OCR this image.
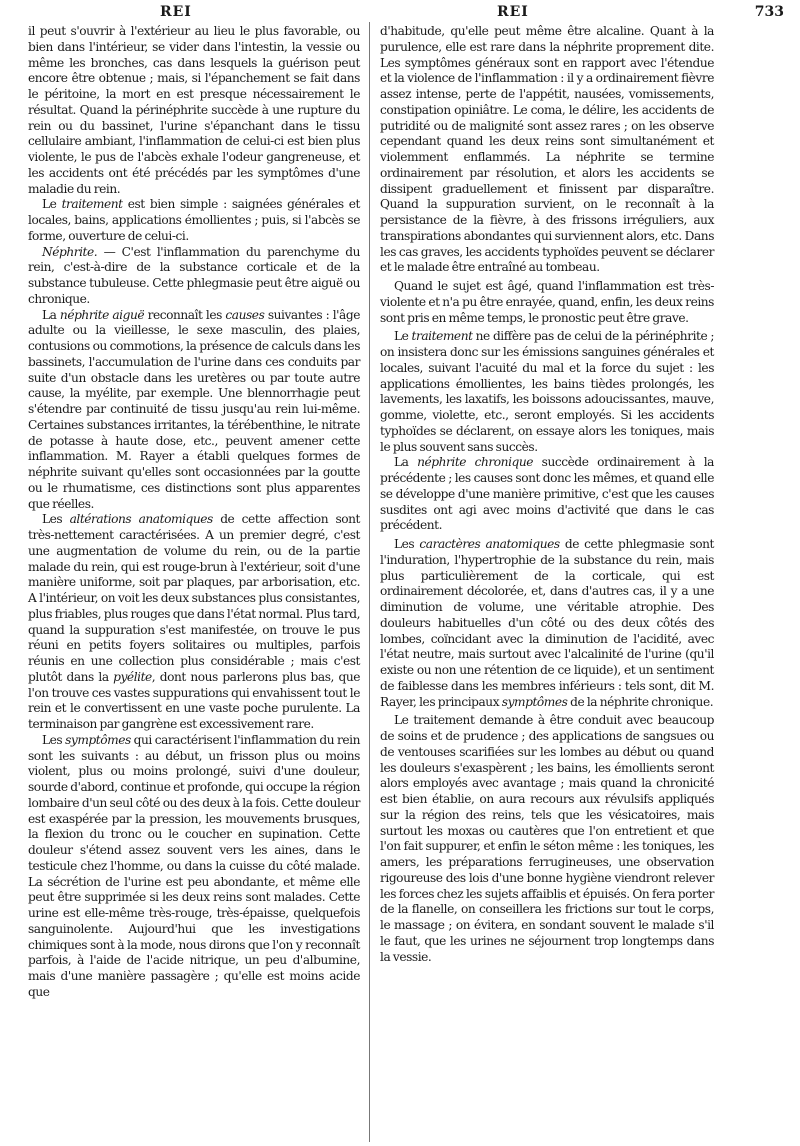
REI	REI	733

il peut s'ouvrir à l'extérieur au lieu le plus favorable, ou bien dans l'intérieur, se vider dans l'intestin, la vessie ou même les bronches, cas dans lesquels la guérison peut encore être obtenue ; mais, si l'épanchement se fait dans le péritoine, la mort en est presque nécessairement le résultat. Quand la périnéphrite succède à une rupture du rein ou du bassinet, l'urine s'épanchant dans le tissu cellulaire ambiant, l'inflammation de celui-ci est bien plus violente, le pus de l'abcès exhale l'odeur gangreneuse, et les accidents ont été précédés par les symptômes d'une maladie du rein.

Le traitement est bien simple : saignées générales et locales, bains, applications émollientes ; puis, si l'abcès se forme, ouverture de celui-ci.

Néphrite. — C'est l'inflammation du parenchyme du rein, c'est-à-dire de la substance corticale et de la substance tubuleuse. Cette phlegmasie peut être aiguë ou chronique.

La néphrite aiguë reconnaît les causes suivantes : l'âge adulte ou la vieillesse, le sexe masculin, des plaies, contusions ou commotions, la présence de calculs dans les bassinets, l'accumulation de l'urine dans ces conduits par suite d'un obstacle dans les uretères ou par toute autre cause, la myélite, par exemple. Une blennorrhagie peut s'étendre par continuité de tissu jusqu'au rein lui-même. Certaines substances irritantes, la térébenthine, le nitrate de potasse à haute dose, etc., peuvent amener cette inflammation. M. Rayer a établi quelques formes de néphrite suivant qu'elles sont occasionnées par la goutte ou le rhumatisme, ces distinctions sont plus apparentes que réelles.

Les altérations anatomiques de cette affection sont très-nettement caractérisées. A un premier degré, c'est une augmentation de volume du rein, ou de la partie malade du rein, qui est rouge-brun à l'extérieur, soit d'une manière uniforme, soit par plaques, par arborisation, etc. A l'intérieur, on voit les deux substances plus consistantes, plus friables, plus rouges que dans l'état normal. Plus tard, quand la suppuration s'est manifestée, on trouve le pus réuni en petits foyers solitaires ou multiples, parfois réunis en une collection plus considérable ; mais c'est plutôt dans la pyélite, dont nous parlerons plus bas, que l'on trouve ces vastes suppurations qui envahissent tout le rein et le convertissent en une vaste poche purulente. La terminaison par gangrène est excessivement rare.

Les symptômes qui caractérisent l'inflammation du rein sont les suivants : au début, un frisson plus ou moins violent, plus ou moins prolongé, suivi d'une douleur, sourde d'abord, continue et profonde, qui occupe la région lombaire d'un seul côté ou des deux à la fois. Cette douleur est exaspérée par la pression, les mouvements brusques, la flexion du tronc ou le coucher en supination. Cette douleur s'étend assez souvent vers les aines, dans le testicule chez l'homme, ou dans la cuisse du côté malade. La sécrétion de l'urine est peu abondante, et même elle peut être supprimée si les deux reins sont malades. Cette urine est elle-même très-rouge, très-épaisse, quelquefois sanguinolente. Aujourd'hui que les investigations chimiques sont à la mode, nous dirons que l'on y reconnaît parfois, à l'aide de l'acide nitrique, un peu d'albumine, mais d'une manière passagère ; qu'elle est moins acide que

d'habitude, qu'elle peut même être alcaline. Quant à la purulence, elle est rare dans la néphrite proprement dite. Les symptômes généraux sont en rapport avec l'étendue et la violence de l'inflammation : il y a ordinairement fièvre assez intense, perte de l'appétit, nausées, vomissements, constipation opiniâtre. Le coma, le délire, les accidents de putridité ou de malignité sont assez rares ; on les observe cependant quand les deux reins sont simultanément et violemment enflammés. La néphrite se termine ordinairement par résolution, et alors les accidents se dissipent graduellement et finissent par disparaître. Quand la suppuration survient, on le reconnaît à la persistance de la fièvre, à des frissons irréguliers, aux transpirations abondantes qui surviennent alors, etc. Dans les cas graves, les accidents typhoïdes peuvent se déclarer et le malade être entraîné au tombeau.

Quand le sujet est âgé, quand l'inflammation est très-violente et n'a pu être enrayée, quand, enfin, les deux reins sont pris en même temps, le pronostic peut être grave.

Le traitement ne diffère pas de celui de la périnéphrite ; on insistera donc sur les émissions sanguines générales et locales, suivant l'acuité du mal et la force du sujet : les applications émollientes, les bains tièdes prolongés, les lavements, les laxatifs, les boissons adoucissantes, mauve, gomme, violette, etc., seront employés. Si les accidents typhoïdes se déclarent, on essaye alors les toniques, mais le plus souvent sans succès.

La néphrite chronique succède ordinairement à la précédente ; les causes sont donc les mêmes, et quand elle se développe d'une manière primitive, c'est que les causes susdites ont agi avec moins d'activité que dans le cas précédent.

Les caractères anatomiques de cette phlegmasie sont l'induration, l'hypertrophie de la substance du rein, mais plus particulièrement de la corticale, qui est ordinairement décolorée, et, dans d'autres cas, il y a une diminution de volume, une véritable atrophie. Des douleurs habituelles d'un côté ou des deux côtés des lombes, coïncidant avec la diminution de l'acidité, avec l'état neutre, mais surtout avec l'alcalinité de l'urine (qu'il existe ou non une rétention de ce liquide), et un sentiment de faiblesse dans les membres inférieurs : tels sont, dit M. Rayer, les principaux symptômes de la néphrite chronique.

Le traitement demande à être conduit avec beaucoup de soins et de prudence ; des applications de sangsues ou de ventouses scarifiées sur les lombes au début ou quand les douleurs s'exaspèrent ; les bains, les émollients seront alors employés avec avantage ; mais quand la chronicité est bien établie, on aura recours aux révulsifs appliqués sur la région des reins, tels que les vésicatoires, mais surtout les moxas ou cautères que l'on entretient et que l'on fait suppurer, et enfin le séton même : les toniques, les amers, les préparations ferrugineuses, une observation rigoureuse des lois d'une bonne hygiène viendront relever les forces chez les sujets affaiblis et épuisés. On fera porter de la flanelle, on conseillera les frictions sur tout le corps, le massage ; on évitera, en sondant souvent le malade s'il le faut, que les urines ne séjournent trop longtemps dans la vessie.
